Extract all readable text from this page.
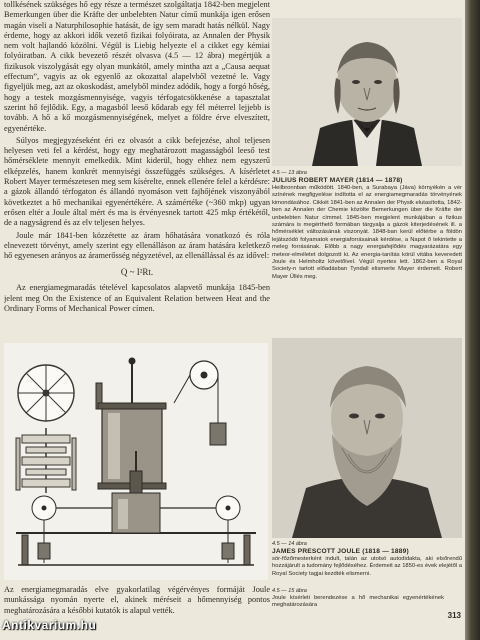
tollkésének szükséges hő egy része a természet szolgáltatja 1842-ben megjelent Bemerkungen über die Kräfte der unbelebten Natur című munkája igen erősen magán viseli a Naturphilosophie hatását, de így sem maradt hatás nélkül. Nagy érdeme, hogy az akkori idők vezető fizikai folyóirata, az Annalen der Physik nem volt hajlandó közölni. Végül is Liebig helyezte el a cikket egy kémiai folyóiratban. A cikk bevezető részét olvasva (4.5 — 12 ábra) megértjük a fizikusok viszolygását egy olyan munkától, amely mintha azt a „Causa aequat effectum”, vagyis az ok egyenlő az okozattal alapelvből vezetné le. Vagy figyeljük meg, azt az okoskodást, amelyből mindez adódik, hogy a forgó hőség, hogy a testek mozgásmennyisége, vagyis térfogatcsökkenése a tapasztalat szerint hő fejlődik. Egy, a magasból leeső kődarab egy fél méterrel lejjebb is tovább. A hő a kő mozgásmennyiségének, melyet a földre érve elveszített, egyenértéke.

Súlyos megjegyzéseként éri ez olvasót a cikk befejezése, ahol teljesen helyesen veti fel a kérdést, hogy egy meghatározott magasságból leeső test hőmérséklete mennyit emelkedik. Mint kiderül, hogy ehhez nem egyszerű elképzelés, hanem konkrét mennyiségi összefüggés szükséges. A kísérletet Robert Mayer természetesen meg sem kísérelte, ennek ellenére felel a kérdésre: a gázok állandó térfogaton és állandó nyomáson vett fajhőjének viszonyából következtet a hő mechanikai egyenértékére. A számértéke (~360 mkp) ugyan erősen eltér a Joule által mért és ma is érvényesnek tartott 425 mkp értékétől, de a nagyságrend és az elv teljesen helyes.

Joule már 1841-ben közzétette az áram hőhatására vonatkozó és róla elnevezett törvényt, amely szerint egy ellenálláson az áram hatására keletkező hő egyenesen arányos az áramerősség négyzetével, az ellenállással és az idővel:

Q ~ I²Rt.

Az energiamegmaradás tételével kapcsolatos alapvető munkája 1845-ben jelent meg On the Existence of an Equivalent Relation between Heat and the Ordinary Forms of Mechanical Power címen.

Az energiamegmaradás elve gyakorlatilag végérvényes formáját Joule munkássága nyomán nyerte el, akinek méréseit a hőmennyiség pontos meghatározására a későbbi kutatók is alapul vették.

4.5 — 13 ábra
JULIUS ROBERT MAYER (1814 — 1878)
Heilbronnban működött. 1840-ben, a Surabaya (Jáva) környékén a vér színének megfigyelése indította el az energiamegmaradás törvényének kimondásához. Cikkét 1841-ben az Annalen der Physik elutasította, 1842-ben az Annalen der Chemie közölte Bemerkungen über die Kräfte der unbelebten Natur címmel. 1845-ben megjelent munkájában a fizikus számára is megérthető formában tárgyalja a gázok kiterjedésének ill. a hőmérséklet változásának viszonyát. 1848-ban kerül előtérbe a földön lejátszódó folyamatok energiaforrásainak kérdése, a Napot ő tekintette a meleg forrásának. Előbb a nagy energiafejlődés magyarázatára egy meteor-elméletet dolgozott ki. Az energia-tanítás körül vitába keveredett Joule és Helmholtz követőivel. Végül nyertes lett. 1862-ben a Royal Society-n tartott előadásban Tyndall elismerte Mayer érdemeit. Robert Mayer Üllés meg.
4.5 — 14 ábra
JAMES PRESCOTT JOULE (1818 — 1889)
sör-főzőmesterként indult, talán az utolsó autodidakta, aki elsőrendű hozzájárult a tudomány fejlődéséhez. Érdemeit az 1850-es évek elejétől a Royal Society tagjai kezdték elismerni.
4.5 — 15 ábra
Joule kísérleti berendezése a hő mechanikai egyenértékének meghatározására
313
Antikvarium.hu
